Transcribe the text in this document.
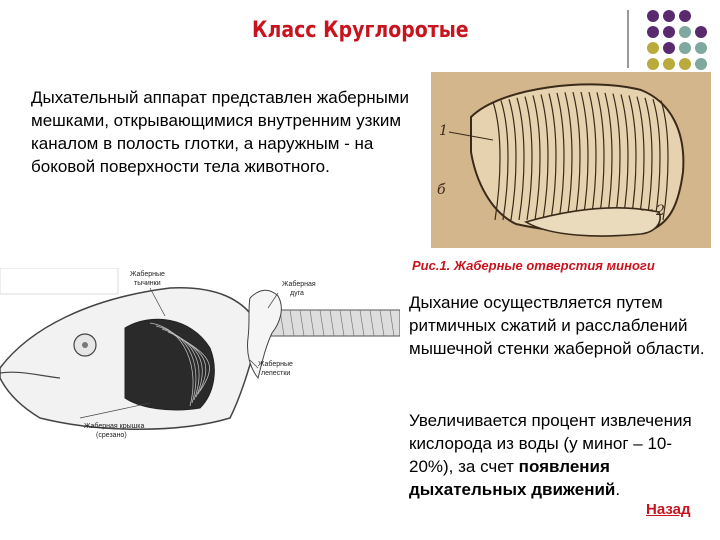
Класс Круглоротые
Дыхательный аппарат представлен жаберными мешками, открывающимися внутренним узким каналом в полость глотки, а наружным - на боковой поверхности тела животного.
1
б
2
Рис.1. Жаберные отверстия миноги
Жаберные
тычинки	Жаберная
дуга
Жаберные
лепестки
Жаберная крышка
(срезано)
Дыхание осуществляется путем ритмичных сжатий и расслаблений мышечной стенки жаберной области.
Увеличивается процент извлечения кислорода из воды (у миног – 10-20%), за счет появления дыхательных движений.
Назад
